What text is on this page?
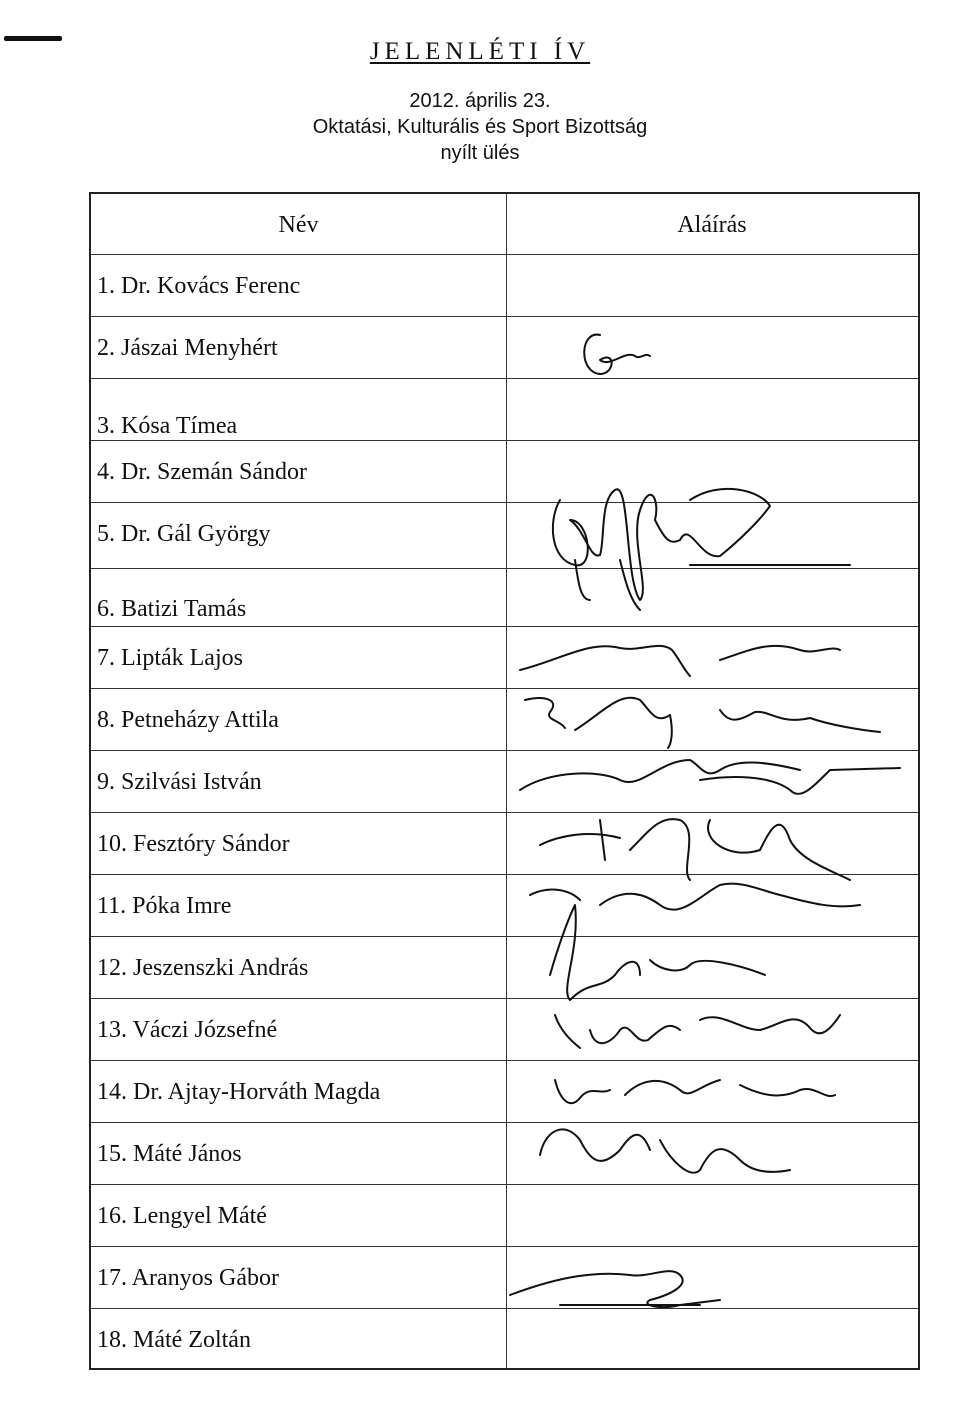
JELENLÉTI ÍV
2012. április 23.
Oktatási, Kulturális és Sport Bizottság
nyílt ülés
Név	Aláírás
1. Dr. Kovács Ferenc
2. Jászai Menyhért
3. Kósa Tímea
4. Dr. Szemán Sándor
5. Dr. Gál György
6. Batizi Tamás
7. Lipták Lajos
8. Petneházy Attila
9. Szilvási István
10. Fesztóry Sándor
11. Póka Imre
12. Jeszenszki András
13. Váczi Józsefné
14. Dr. Ajtay-Horváth Magda
15. Máté János
16. Lengyel Máté
17. Aranyos Gábor
18. Máté Zoltán
